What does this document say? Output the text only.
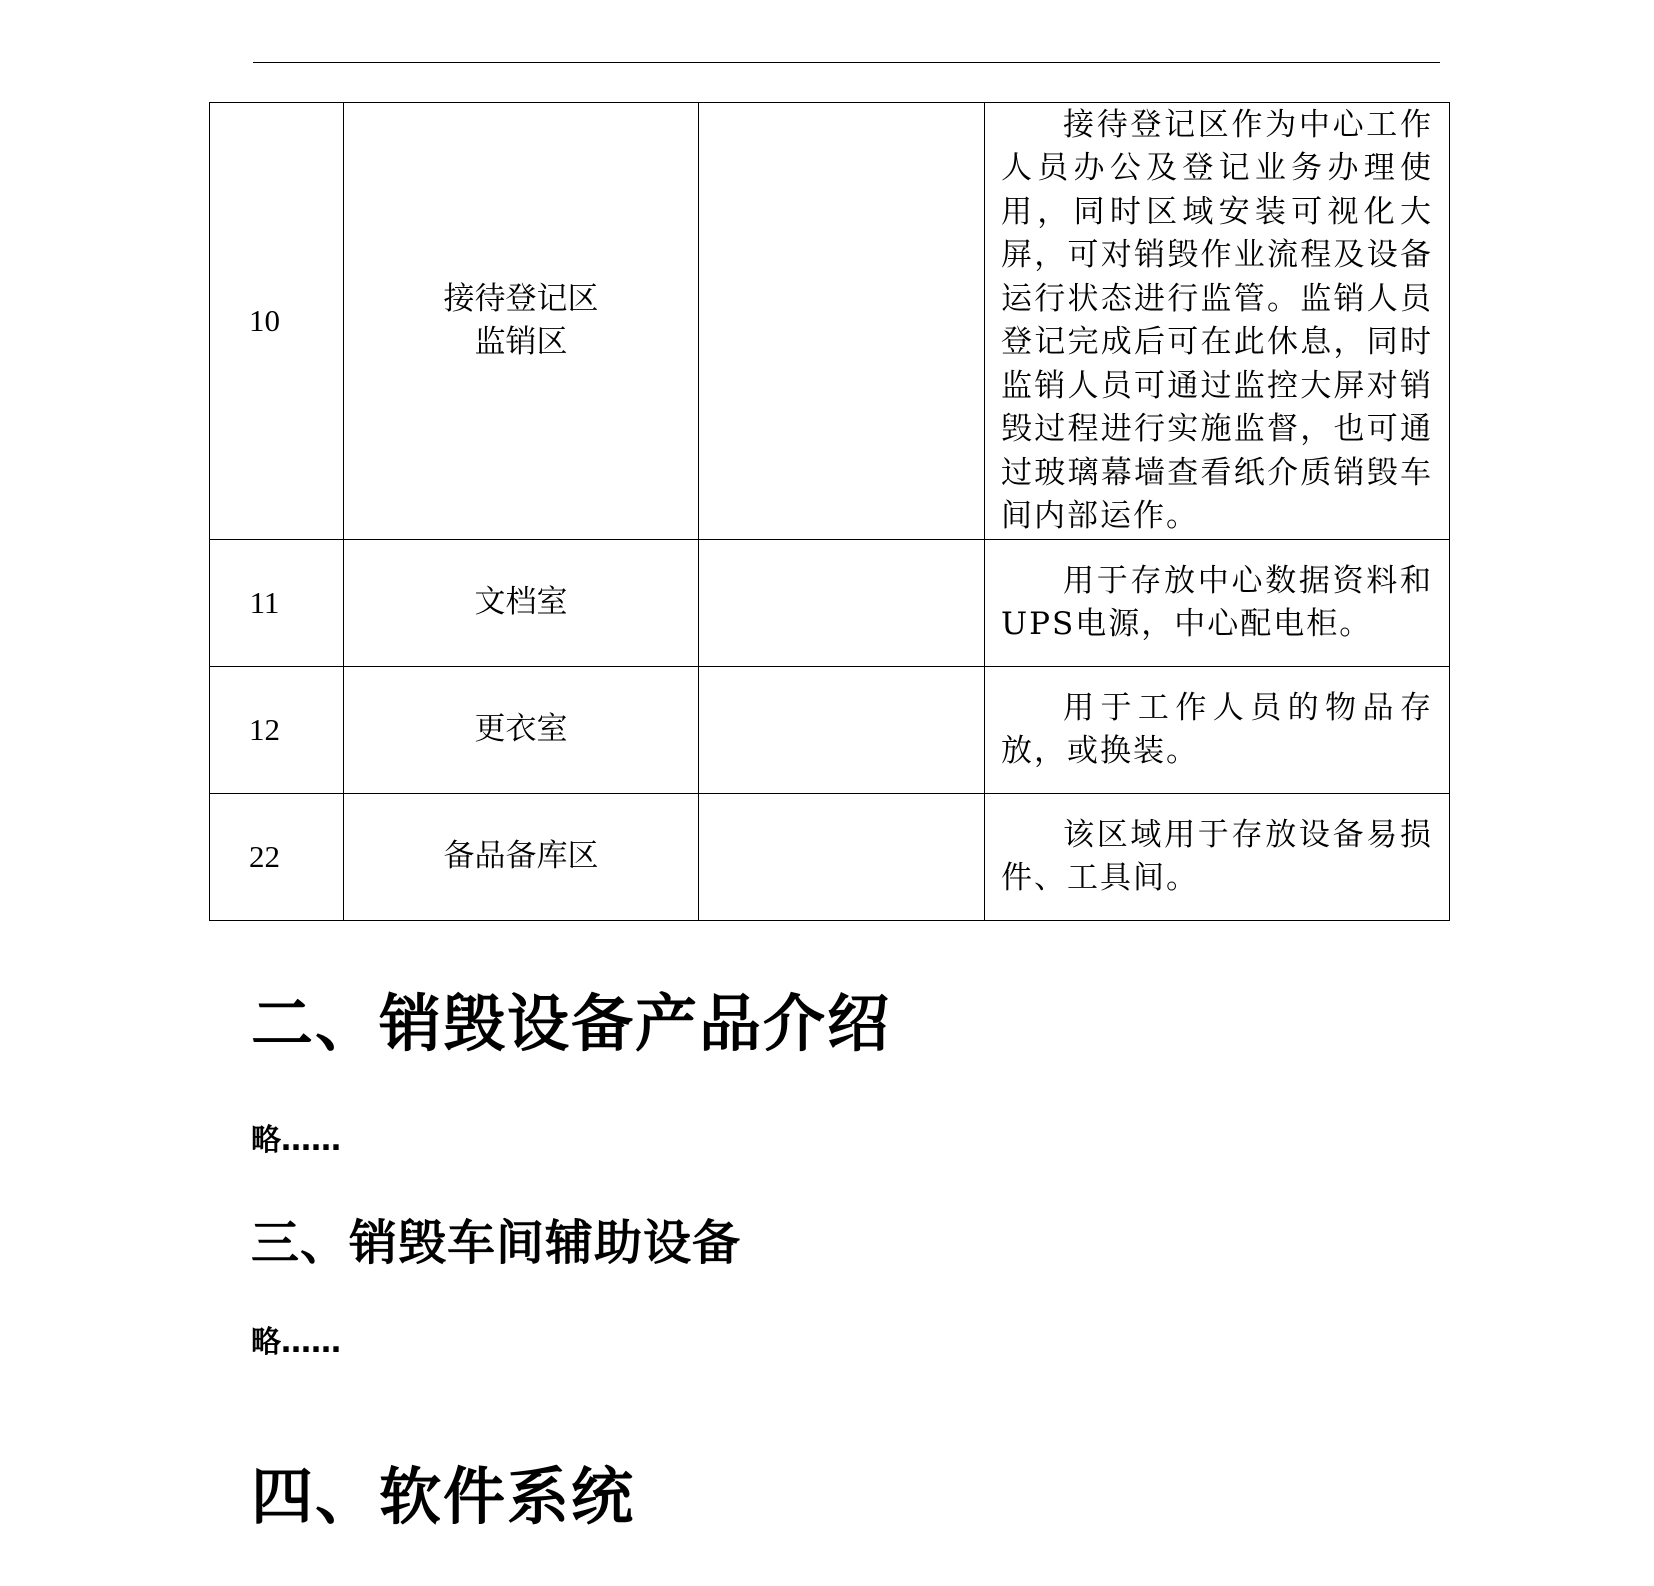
10	接待登记区
监销区		接待登记区作为中心工作人员办公及登记业务办理使用，同时区域安装可视化大屏，可对销毁作业流程及设备运行状态进行监管。监销人员登记完成后可在此休息，同时监销人员可通过监控大屏对销毁过程进行实施监督，也可通过玻璃幕墙查看纸介质销毁车间内部运作。

11	文档室		用于存放中心数据资料和UPS电源，中心配电柜。

12	更衣室		用于工作人员的物品存放，或换装。

22	备品备库区		该区域用于存放设备易损件、工具间。

二、销毁设备产品介绍

略……

三、销毁车间辅助设备

略……

四、软件系统
